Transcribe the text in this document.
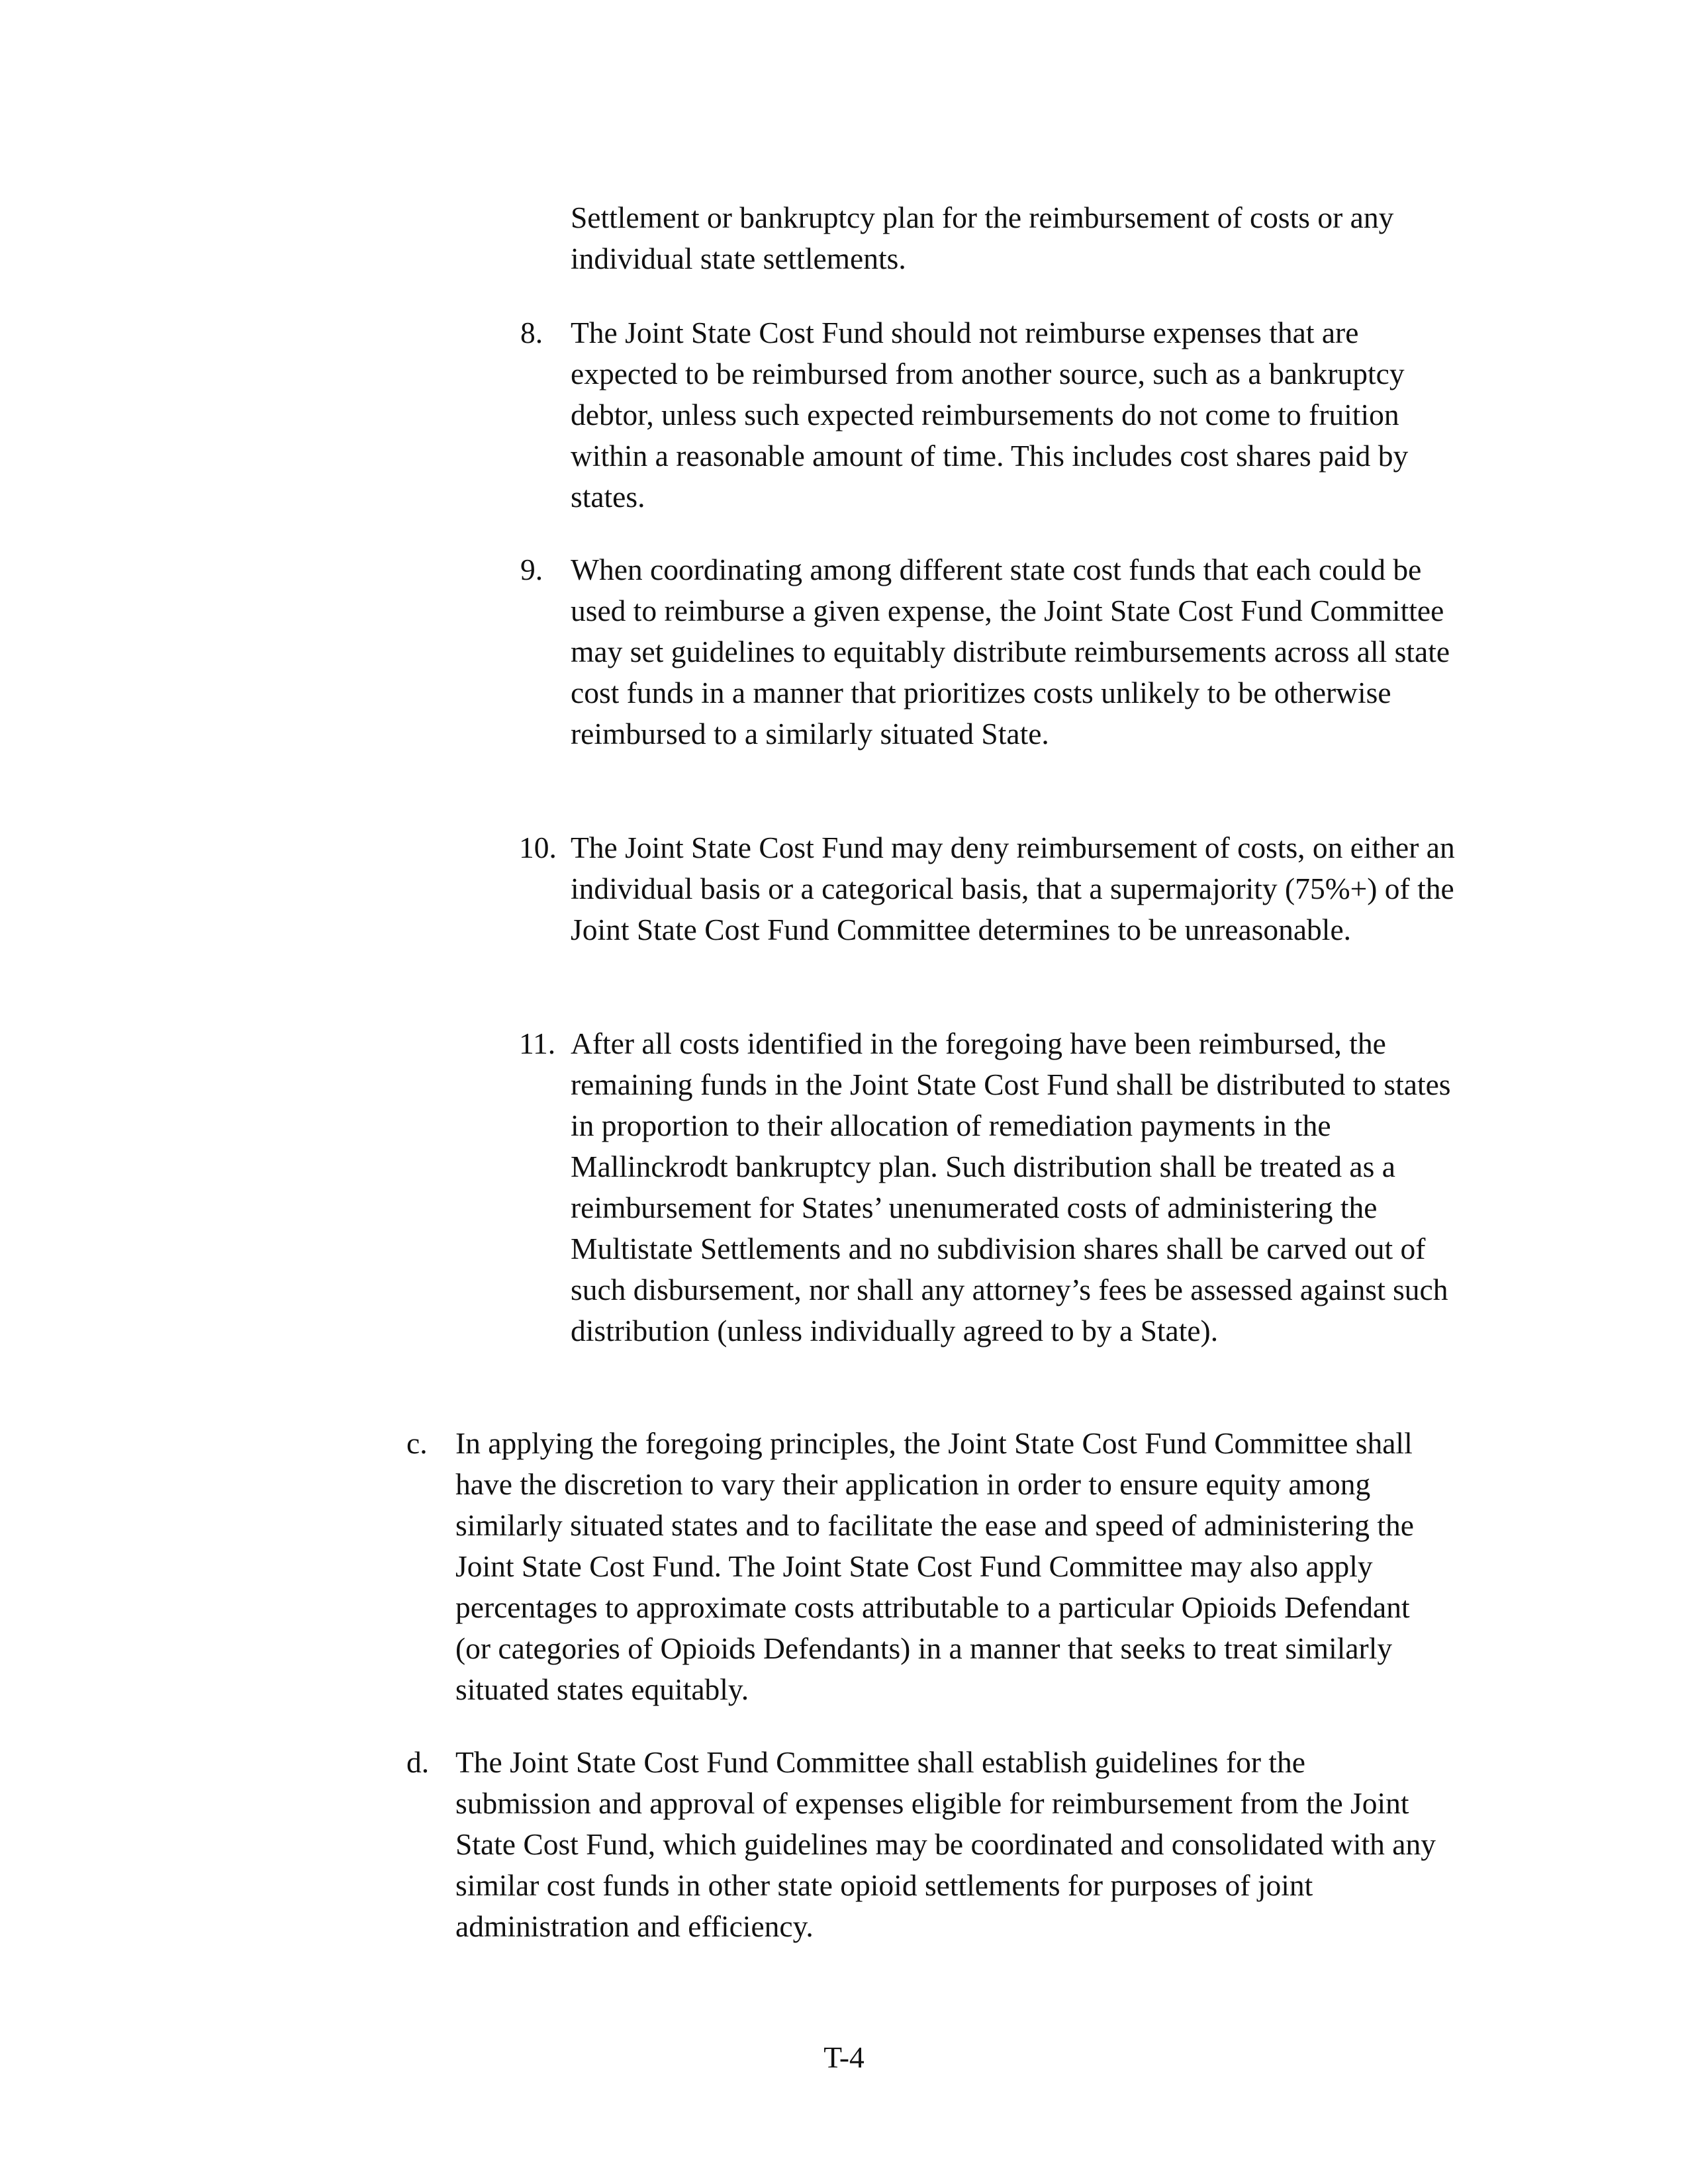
Settlement or bankruptcy plan for the reimbursement of costs or any individual state settlements.
8. The Joint State Cost Fund should not reimburse expenses that are expected to be reimbursed from another source, such as a bankruptcy debtor, unless such expected reimbursements do not come to fruition within a reasonable amount of time. This includes cost shares paid by states.
9. When coordinating among different state cost funds that each could be used to reimburse a given expense, the Joint State Cost Fund Committee may set guidelines to equitably distribute reimbursements across all state cost funds in a manner that prioritizes costs unlikely to be otherwise reimbursed to a similarly situated State.
10. The Joint State Cost Fund may deny reimbursement of costs, on either an individual basis or a categorical basis, that a supermajority (75%+) of the Joint State Cost Fund Committee determines to be unreasonable.
11. After all costs identified in the foregoing have been reimbursed, the remaining funds in the Joint State Cost Fund shall be distributed to states in proportion to their allocation of remediation payments in the Mallinckrodt bankruptcy plan. Such distribution shall be treated as a reimbursement for States’ unenumerated costs of administering the Multistate Settlements and no subdivision shares shall be carved out of such disbursement, nor shall any attorney’s fees be assessed against such distribution (unless individually agreed to by a State).
c. In applying the foregoing principles, the Joint State Cost Fund Committee shall have the discretion to vary their application in order to ensure equity among similarly situated states and to facilitate the ease and speed of administering the Joint State Cost Fund. The Joint State Cost Fund Committee may also apply percentages to approximate costs attributable to a particular Opioids Defendant (or categories of Opioids Defendants) in a manner that seeks to treat similarly situated states equitably.
d. The Joint State Cost Fund Committee shall establish guidelines for the submission and approval of expenses eligible for reimbursement from the Joint State Cost Fund, which guidelines may be coordinated and consolidated with any similar cost funds in other state opioid settlements for purposes of joint administration and efficiency.
T-4
